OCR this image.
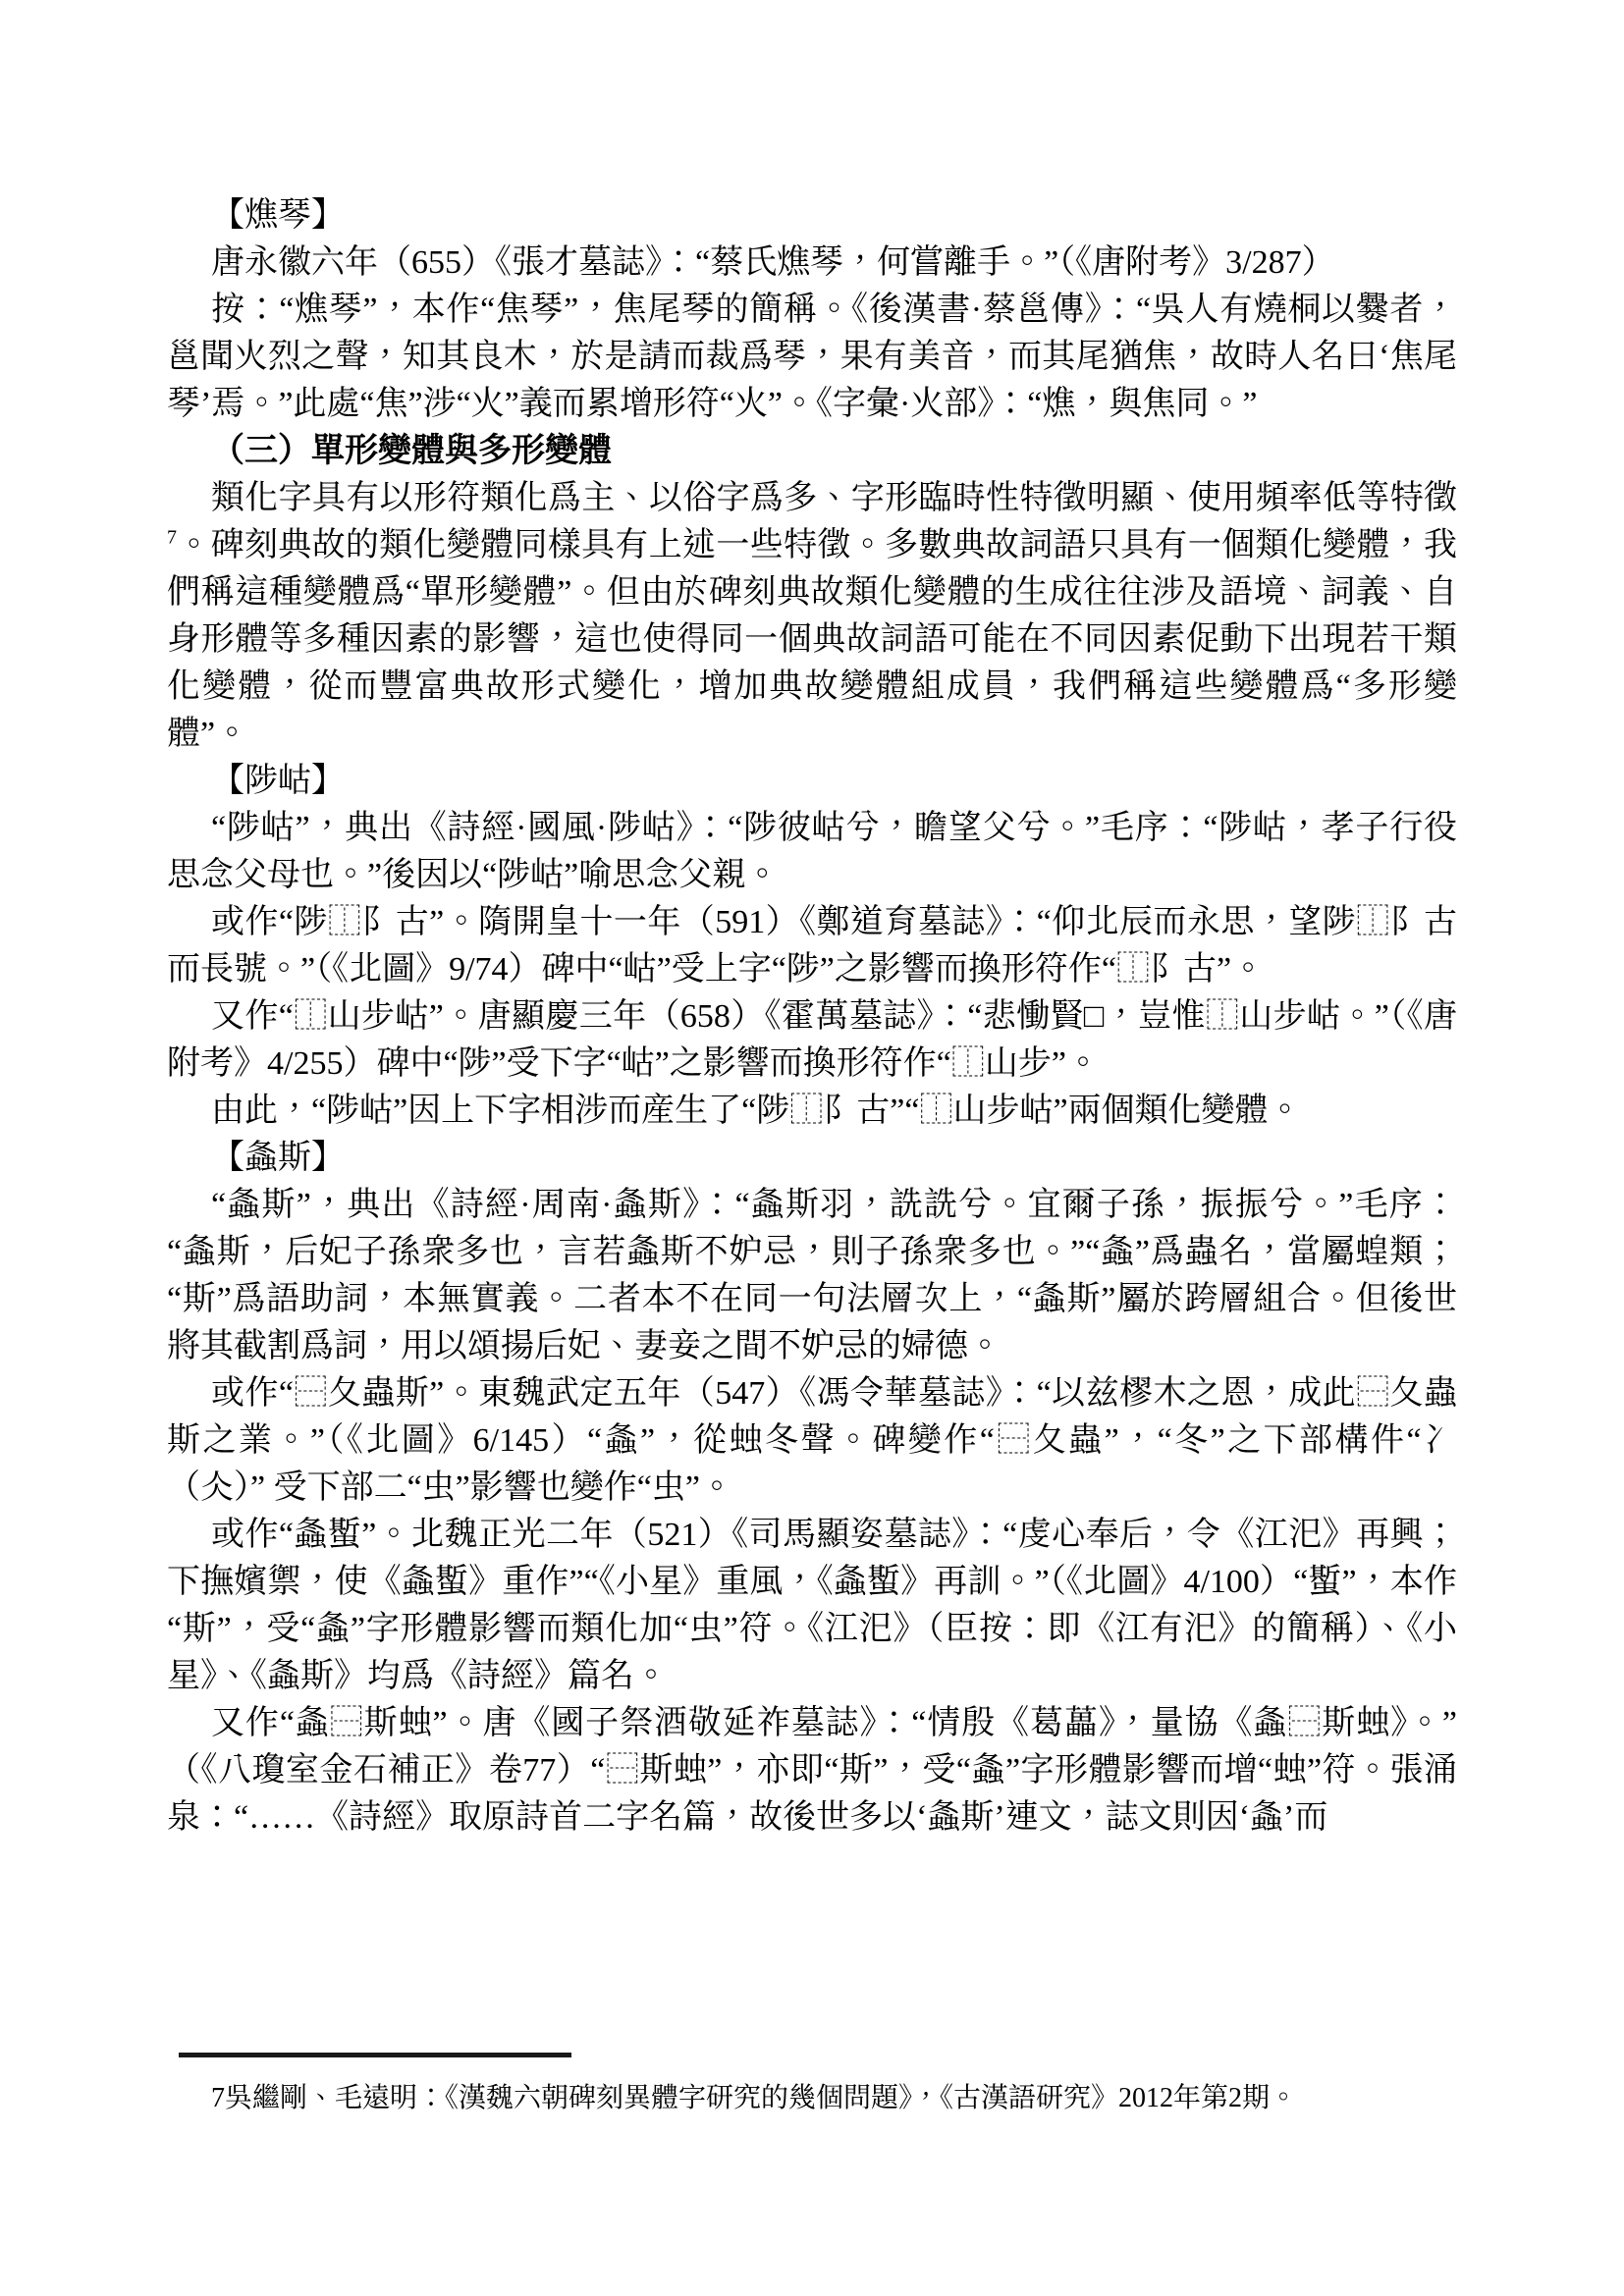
【燋琴】

唐永徽六年（655）《張才墓誌》：“蔡氏燋琴，何嘗離手。”（《唐附考》3/287）

按：“燋琴”，本作“焦琴”，焦尾琴的簡稱。《後漢書·蔡邕傳》：“吳人有燒桐以爨者，邕聞火烈之聲，知其良木，於是請而裁爲琴，果有美音，而其尾猶焦，故時人名曰‘焦尾琴’焉。”此處“焦”涉“火”義而累增形符“火”。《字彙·火部》：“燋，與焦同。”

（三）單形變體與多形變體

類化字具有以形符類化爲主、以俗字爲多、字形臨時性特徵明顯、使用頻率低等特徵$^7$。碑刻典故的類化變體同樣具有上述一些特徵。多數典故詞語只具有一個類化變體，我們稱這種變體爲“單形變體”。但由於碑刻典故類化變體的生成往往涉及語境、詞義、自身形體等多種因素的影響，這也使得同一個典故詞語可能在不同因素促動下出現若干類化變體，從而豐富典故形式變化，增加典故變體組成員，我們稱這些變體爲“多形變體”。

【陟岵】

“陟岵”，典出《詩經·國風·陟岵》：“陟彼岵兮，瞻望父兮。”毛序：“陟岵，孝子行役思念父母也。”後因以“陟岵”喻思念父親。

或作“陟⿰阝古”。隋開皇十一年（591）《鄭道育墓誌》：“仰北辰而永思，望陟⿰阝古而長號。”（《北圖》9/74）碑中“岵”受上字“陟”之影響而換形符作“⿰阝古”。

又作“⿰山步岵”。唐顯慶三年（658）《霍萬墓誌》：“悲慟賢□，豈惟⿰山步岵。”（《唐附考》4/255）碑中“陟”受下字“岵”之影響而換形符作“⿰山步”。

由此，“陟岵”因上下字相涉而産生了“陟⿰阝古”“⿰山步岵”兩個類化變體。

【螽斯】

“螽斯”，典出《詩經·周南·螽斯》：“螽斯羽，詵詵兮。宜爾子孫，振振兮。”毛序：“螽斯，后妃子孫衆多也，言若螽斯不妒忌，則子孫衆多也。”“螽”爲蟲名，當屬蝗類；“斯”爲語助詞，本無實義。二者本不在同一句法層次上，“螽斯”屬於跨層組合。但後世將其截割爲詞，用以頌揚后妃、妻妾之間不妒忌的婦德。

或作“⿱夂蟲斯”。東魏武定五年（547）《馮令華墓誌》：“以兹樛木之恩，成此⿱夂蟲斯之業。”（《北圖》6/145）“螽”，從䖵冬聲。碑變作“⿱夂蟲”，“冬”之下部構件“冫（仌）” 受下部二“虫”影響也變作“虫”。

或作“螽蟴”。北魏正光二年（521）《司馬顯姿墓誌》：“虔心奉后，令《江汜》再興；下撫嬪禦，使《螽蟴》重作”“《小星》重風，《螽蟴》再訓。”（《北圖》4/100）“蟴”，本作“斯”，受“螽”字形體影響而類化加“虫”符。《江汜》（臣按：即《江有汜》的簡稱）、《小星》、《螽斯》均爲《詩經》篇名。

又作“螽⿱斯䖵”。唐《國子祭酒敬延祚墓誌》：“情殷《葛藟》，量協《螽⿱斯䖵》。”（《八瓊室金石補正》卷77）“⿱斯䖵”，亦即“斯”，受“螽”字形體影響而增“䖵”符。張涌泉：“……《詩經》取原詩首二字名篇，故後世多以‘螽斯’連文，誌文則因‘螽’而

7吳繼剛、毛遠明：《漢魏六朝碑刻異體字研究的幾個問題》，《古漢語研究》2012年第2期。
